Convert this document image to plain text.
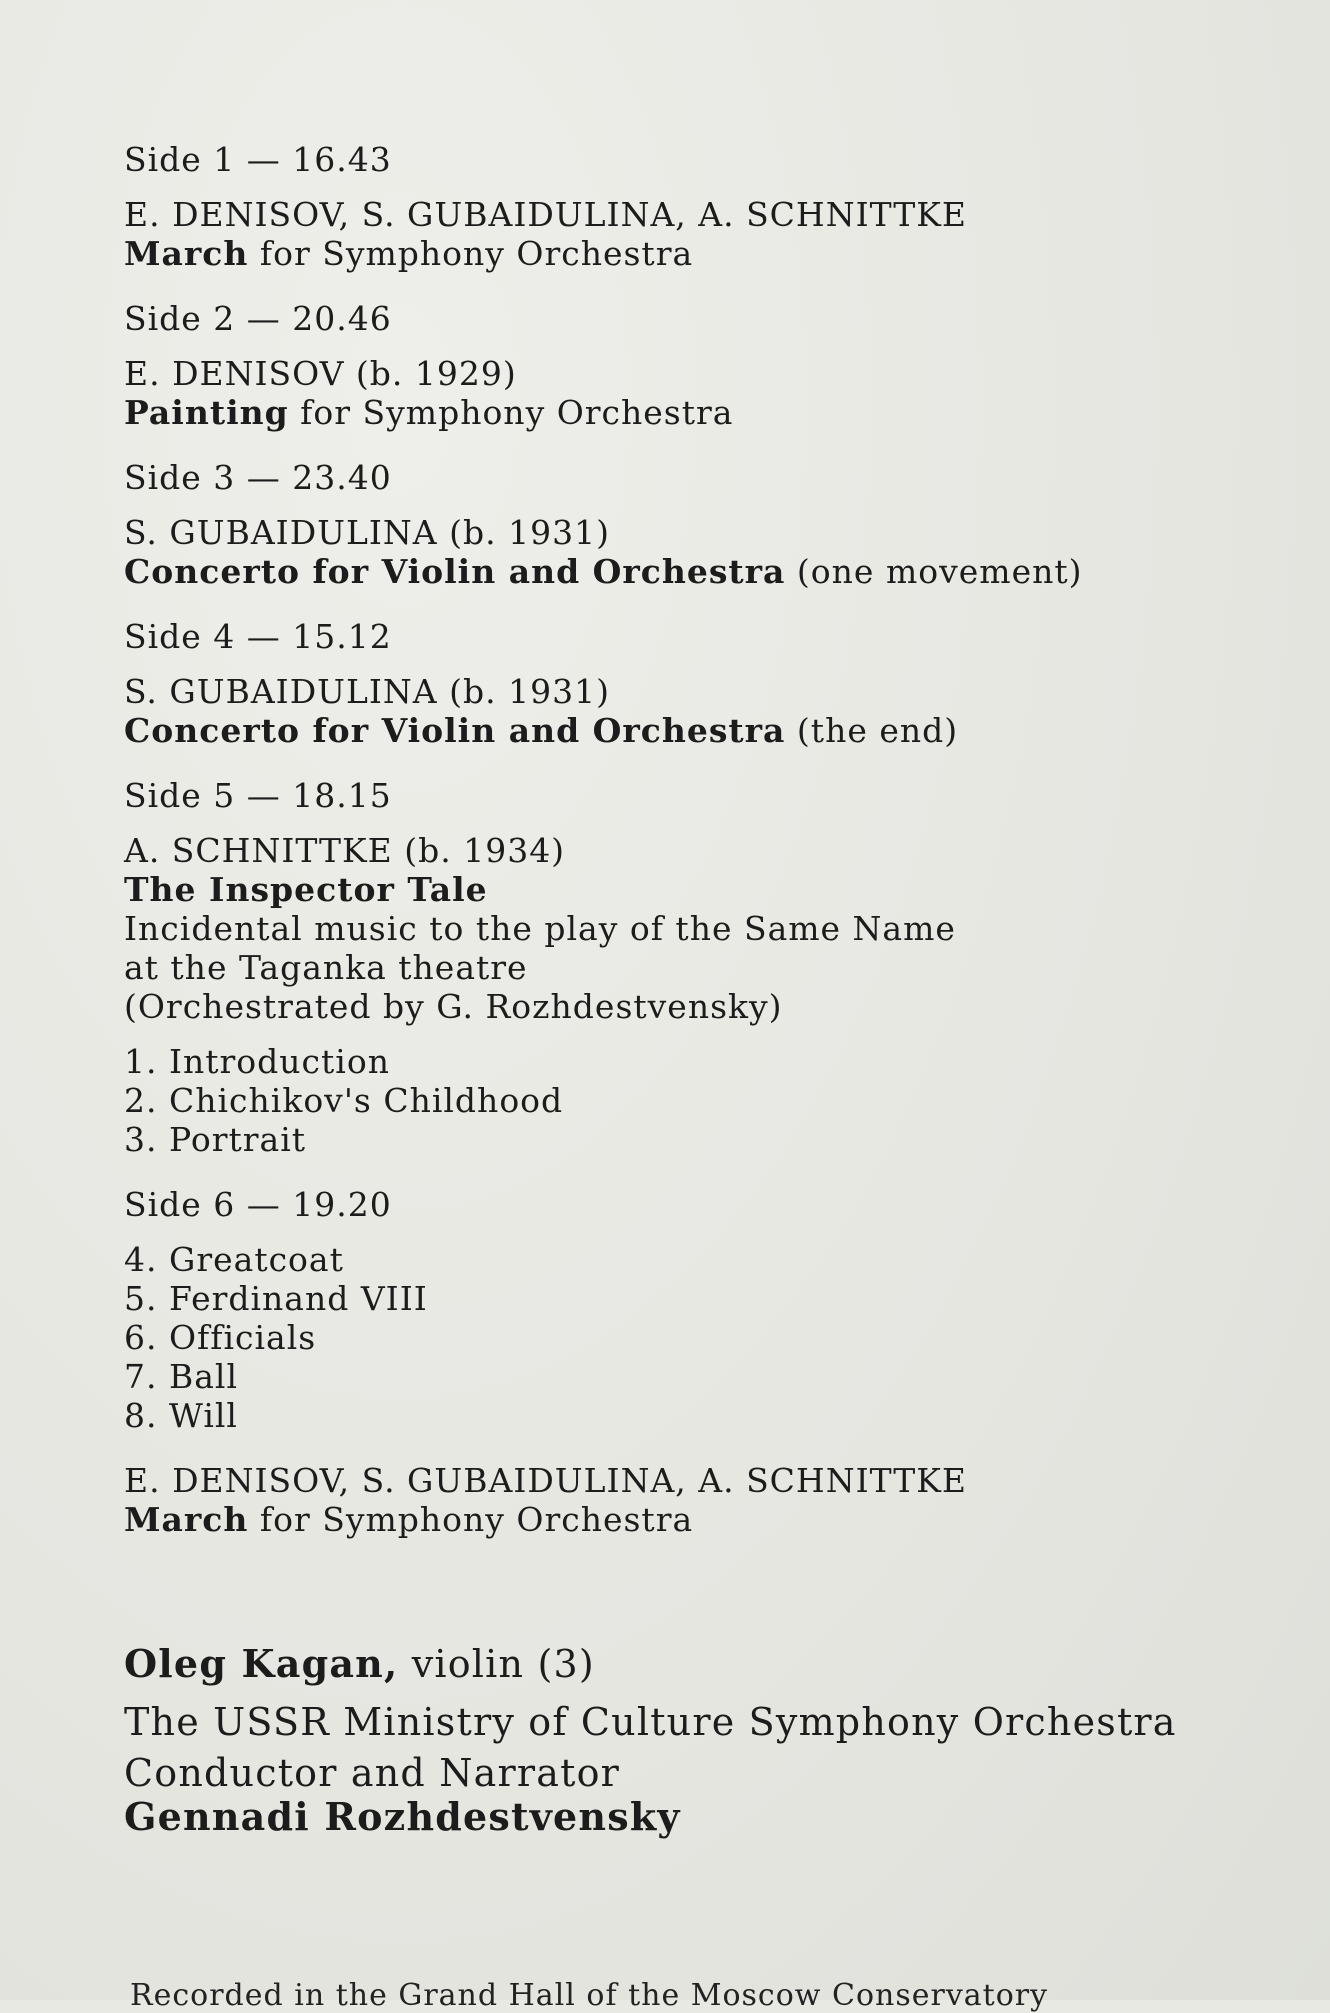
Side 1 — 16.43
E. DENISOV, S. GUBAIDULINA, A. SCHNITTKE
March for Symphony Orchestra
Side 2 — 20.46
E. DENISOV (b. 1929)
Painting for Symphony Orchestra
Side 3 — 23.40
S. GUBAIDULINA (b. 1931)
Concerto for Violin and Orchestra (one movement)
Side 4 — 15.12
S. GUBAIDULINA (b. 1931)
Concerto for Violin and Orchestra (the end)
Side 5 — 18.15
A. SCHNITTKE (b. 1934)
The Inspector Tale
Incidental music to the play of the Same Name
at the Taganka theatre
(Orchestrated by G. Rozhdestvensky)
1. Introduction
2. Chichikov's Childhood
3. Portrait
Side 6 — 19.20
4. Greatcoat
5. Ferdinand VIII
6. Officials
7. Ball
8. Will
E. DENISOV, S. GUBAIDULINA, A. SCHNITTKE
March for Symphony Orchestra
Oleg Kagan, violin (3)
The USSR Ministry of Culture Symphony Orchestra
Conductor and Narrator
Gennadi Rozhdestvensky
Recorded in the Grand Hall of the Moscow Conservatory
